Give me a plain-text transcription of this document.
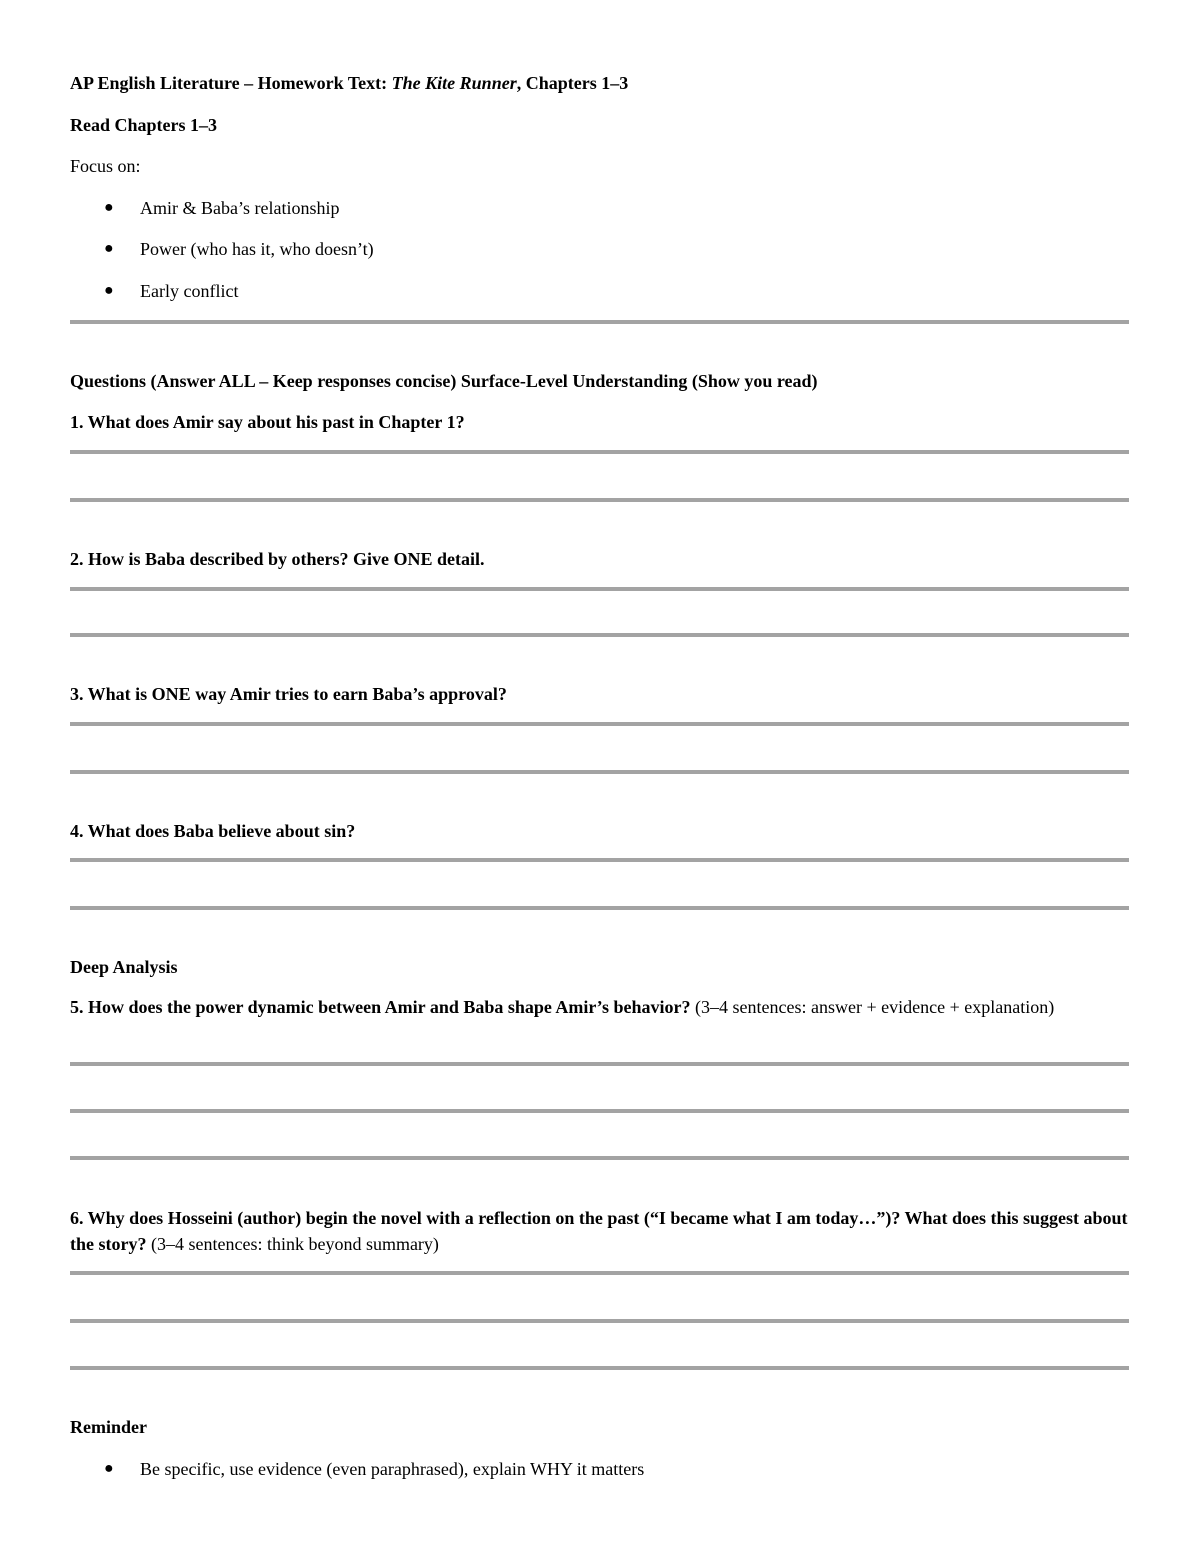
AP English Literature – Homework Text: The Kite Runner, Chapters 1–3
Read Chapters 1–3
Focus on:
● Amir & Baba’s relationship
● Power (who has it, who doesn’t)
● Early conflict
Questions (Answer ALL – Keep responses concise) Surface-Level Understanding (Show you read)
1. What does Amir say about his past in Chapter 1?
2. How is Baba described by others? Give ONE detail.
3. What is ONE way Amir tries to earn Baba’s approval?
4. What does Baba believe about sin?
Deep Analysis
5. How does the power dynamic between Amir and Baba shape Amir’s behavior? (3–4 sentences: answer + evidence + explanation)
6. Why does Hosseini (author) begin the novel with a reflection on the past (“I became what I am today…”)? What does this suggest about the story? (3–4 sentences: think beyond summary)
Reminder
● Be specific, use evidence (even paraphrased), explain WHY it matters
